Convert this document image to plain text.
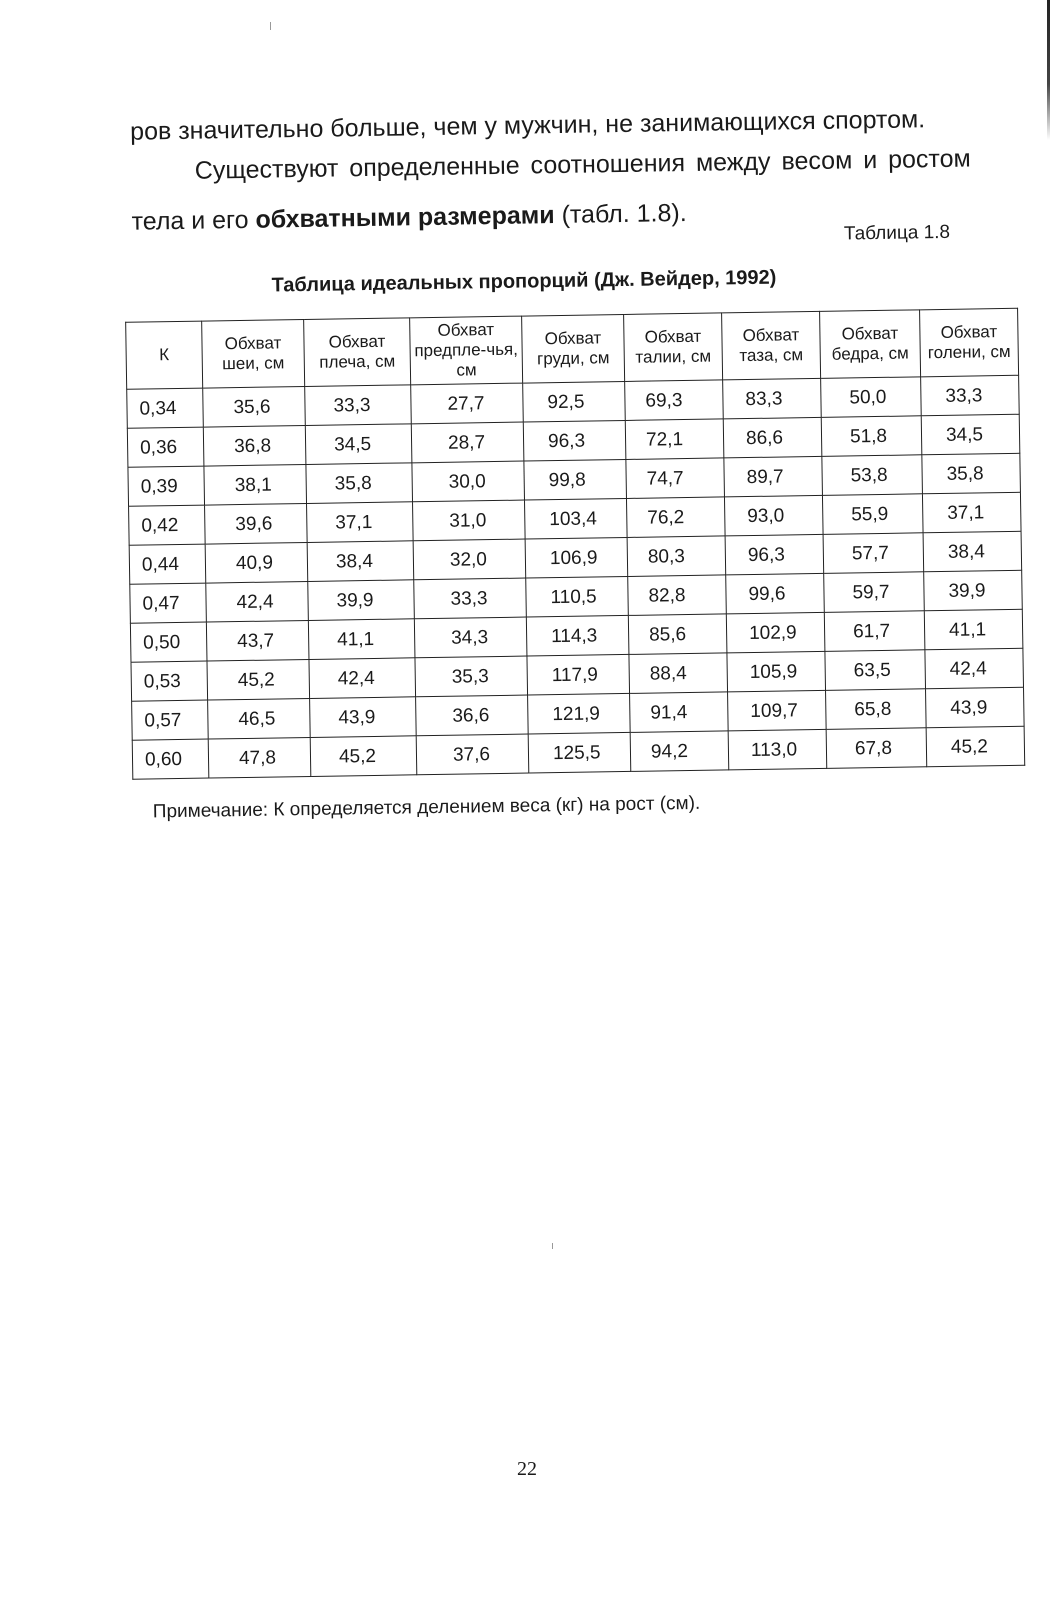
ров значительно больше, чем у мужчин, не занимающихся спортом.

Существуют определенные соотношения между весом и ростом тела и его обхватными размерами (табл. 1.8).

Таблица 1.8
Таблица идеальных пропорций (Дж. Вейдер, 1992)
К	Обхват шеи, см	Обхват плеча, см	Обхват предпле-чья, см	Обхват груди, см	Обхват талии, см	Обхват таза, см	Обхват бедра, см	Обхват голени, см
0,34	35,6	33,3	27,7	92,5	69,3	83,3	50,0	33,3
0,36	36,8	34,5	28,7	96,3	72,1	86,6	51,8	34,5
0,39	38,1	35,8	30,0	99,8	74,7	89,7	53,8	35,8
0,42	39,6	37,1	31,0	103,4	76,2	93,0	55,9	37,1
0,44	40,9	38,4	32,0	106,9	80,3	96,3	57,7	38,4
0,47	42,4	39,9	33,3	110,5	82,8	99,6	59,7	39,9
0,50	43,7	41,1	34,3	114,3	85,6	102,9	61,7	41,1
0,53	45,2	42,4	35,3	117,9	88,4	105,9	63,5	42,4
0,57	46,5	43,9	36,6	121,9	91,4	109,7	65,8	43,9
0,60	47,8	45,2	37,6	125,5	94,2	113,0	67,8	45,2
Примечание: К определяется делением веса (кг) на рост (см).
22
